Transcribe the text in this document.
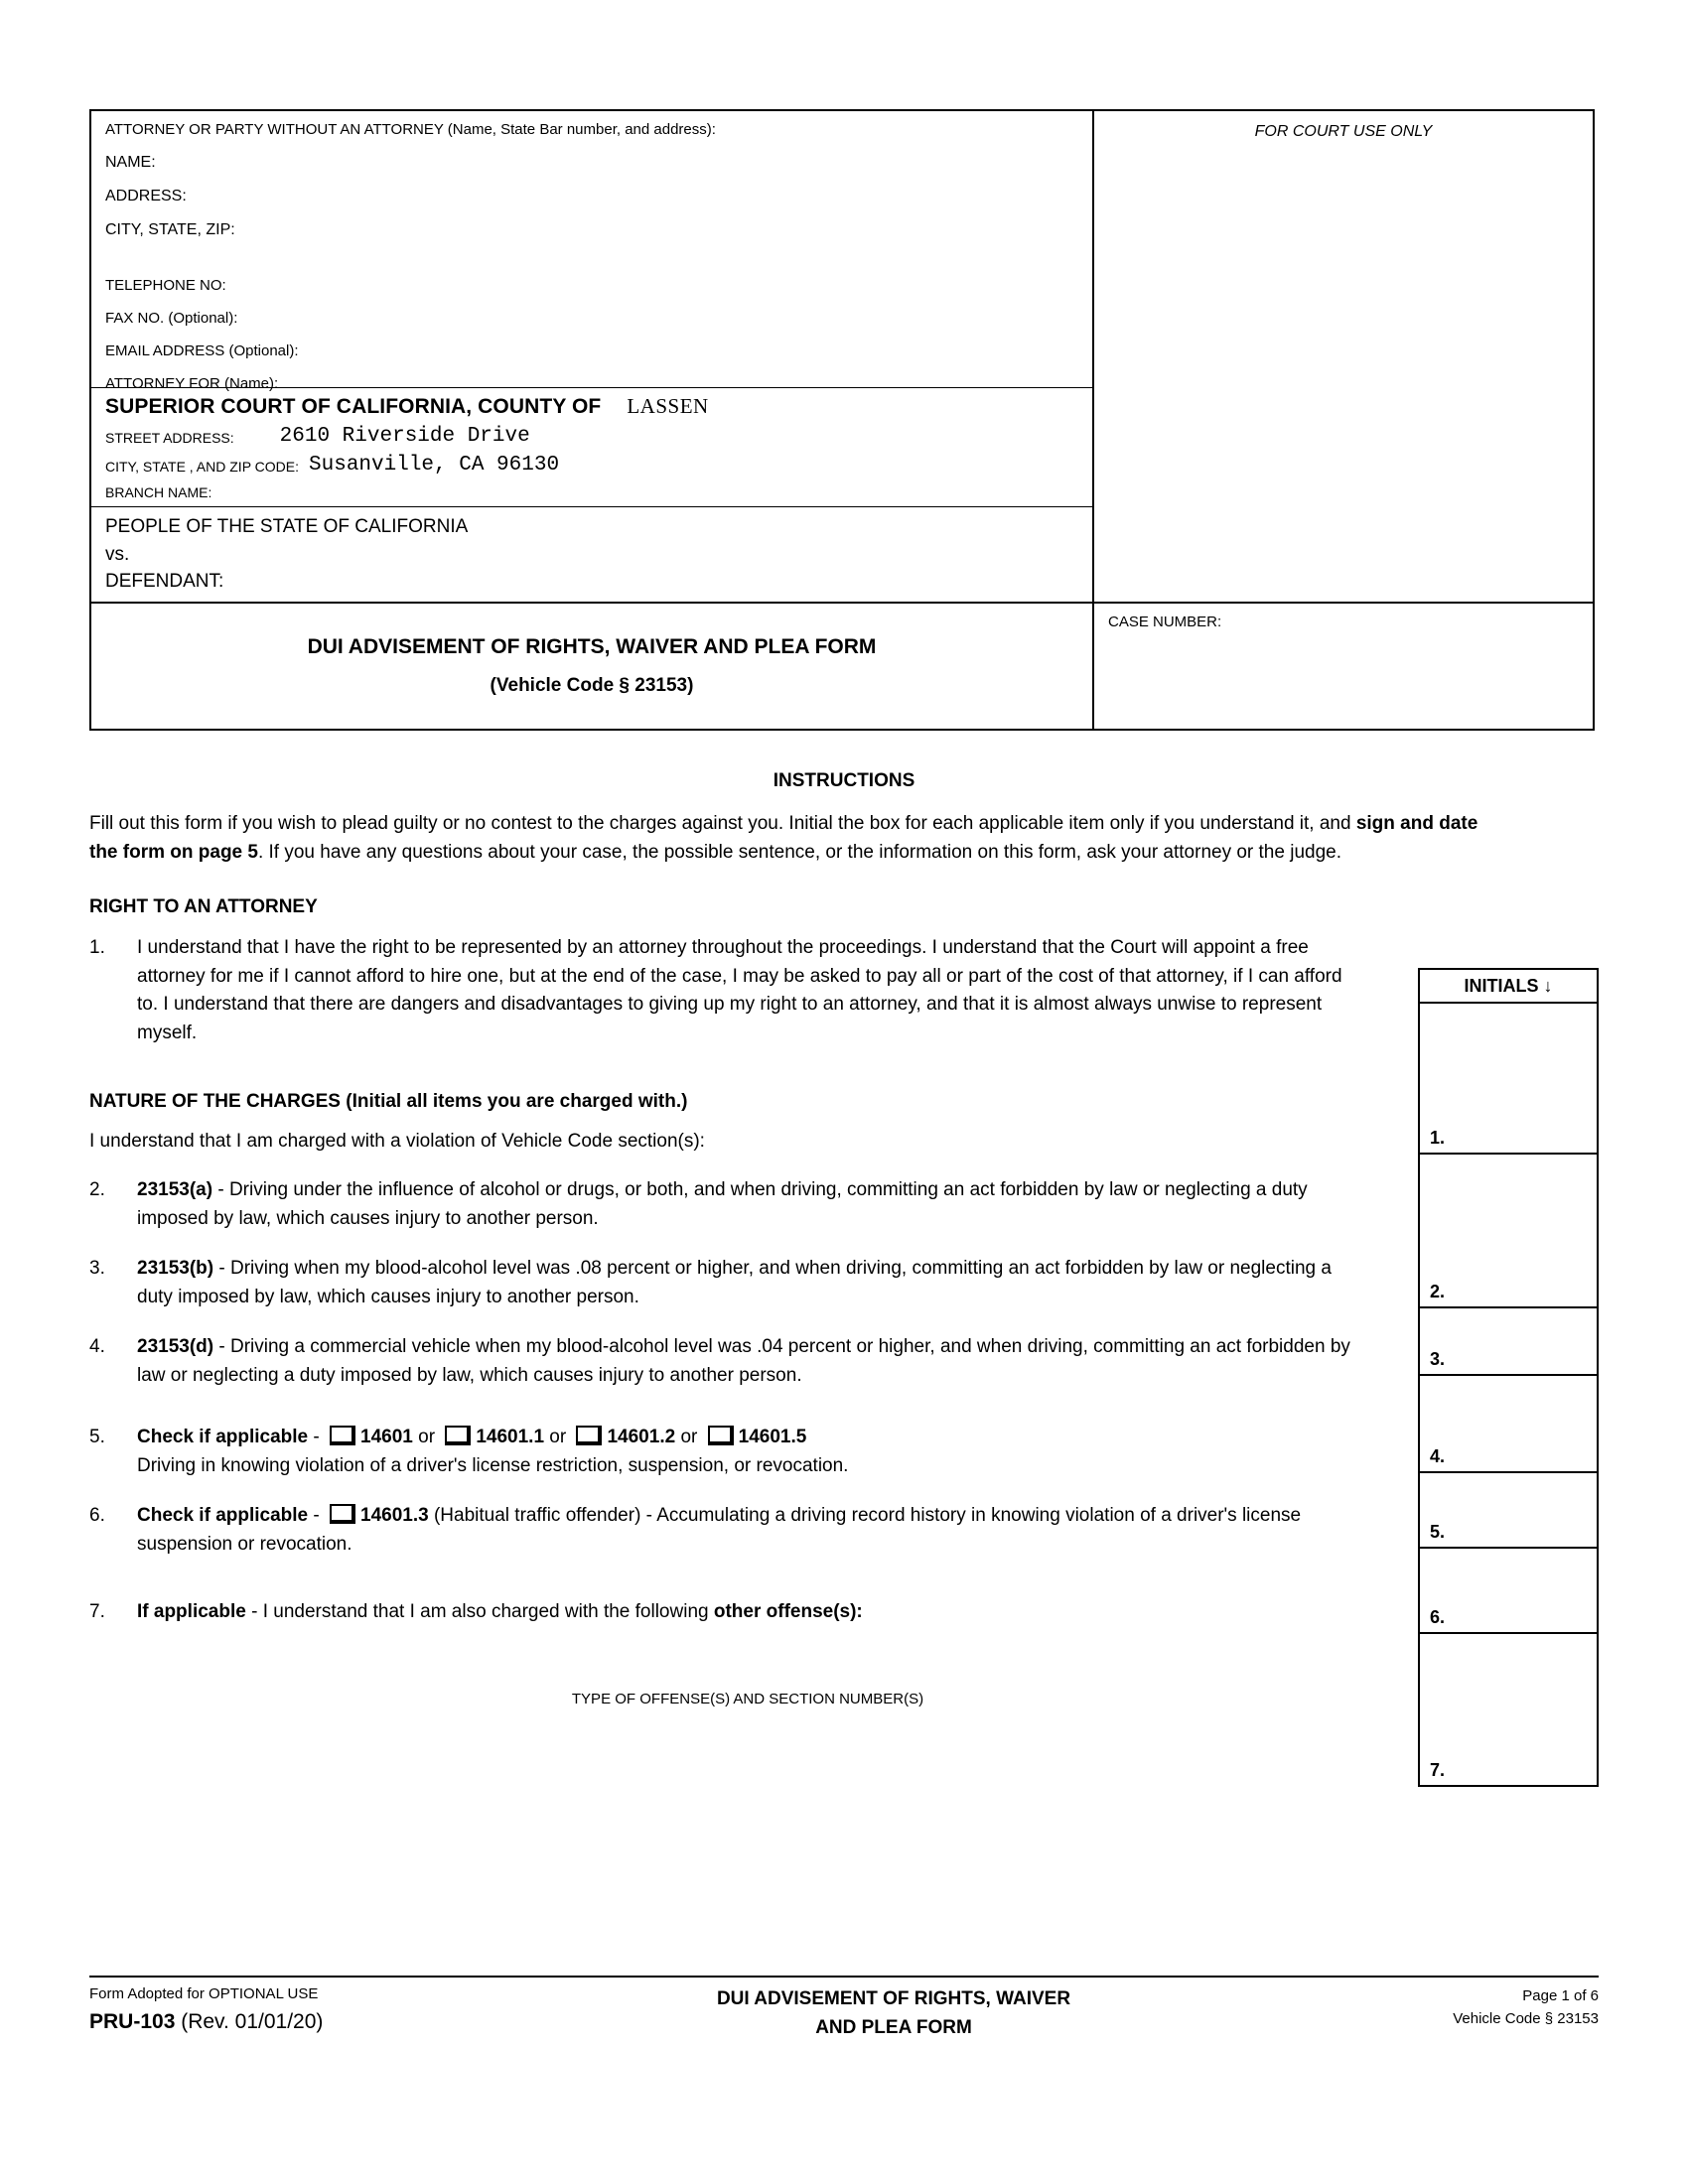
ATTORNEY OR PARTY WITHOUT AN ATTORNEY (Name, State Bar number, and address):
NAME:
ADDRESS:
CITY, STATE, ZIP:
TELEPHONE NO:
FAX NO. (Optional):
EMAIL ADDRESS (Optional):
ATTORNEY FOR (Name):
SUPERIOR COURT OF CALIFORNIA, COUNTY OF LASSEN
STREET ADDRESS:	2610 Riverside Drive
CITY, STATE , AND ZIP CODE: Susanville, CA 96130
BRANCH NAME:
PEOPLE OF THE STATE OF CALIFORNIA
vs.
DEFENDANT:
FOR COURT USE ONLY
DUI ADVISEMENT OF RIGHTS, WAIVER AND PLEA FORM
(Vehicle Code § 23153)
CASE NUMBER:
INSTRUCTIONS
Fill out this form if you wish to plead guilty or no contest to the charges against you. Initial the box for each applicable item only if you understand it, and sign and date the form on page 5. If you have any questions about your case, the possible sentence, or the information on this form, ask your attorney or the judge.
RIGHT TO AN ATTORNEY
1.	I understand that I have the right to be represented by an attorney throughout the proceedings. I understand that the Court will appoint a free attorney for me if I cannot afford to hire one, but at the end of the case, I may be asked to pay all or part of the cost of that attorney, if I can afford to. I understand that there are dangers and disadvantages to giving up my right to an attorney, and that it is almost always unwise to represent myself.
NATURE OF THE CHARGES (Initial all items you are charged with.)
I understand that I am charged with a violation of Vehicle Code section(s):
2.	23153(a) - Driving under the influence of alcohol or drugs, or both, and when driving, committing an act forbidden by law or neglecting a duty imposed by law, which causes injury to another person.
3.	23153(b) - Driving when my blood-alcohol level was .08 percent or higher, and when driving, committing an act forbidden by law or neglecting a duty imposed by law, which causes injury to another person.
4.	23153(d) - Driving a commercial vehicle when my blood-alcohol level was .04 percent or higher, and when driving, committing an act forbidden by law or neglecting a duty imposed by law, which causes injury to another person.
5.	Check if applicable - 14601 or 14601.1 or 14601.2 or 14601.5
Driving in knowing violation of a driver's license restriction, suspension, or revocation.
6.	Check if applicable - 14601.3 (Habitual traffic offender) - Accumulating a driving record history in knowing violation of a driver's license suspension or revocation.
7.	If applicable - I understand that I am also charged with the following other offense(s):
TYPE OF OFFENSE(S) AND SECTION NUMBER(S)
INITIALS ↓
1.
2.
3.
4.
5.
6.
7.
Form Adopted for OPTIONAL USE
PRU-103 (Rev. 01/01/20)
DUI ADVISEMENT OF RIGHTS, WAIVER
AND PLEA FORM
Page 1 of 6
Vehicle Code § 23153
